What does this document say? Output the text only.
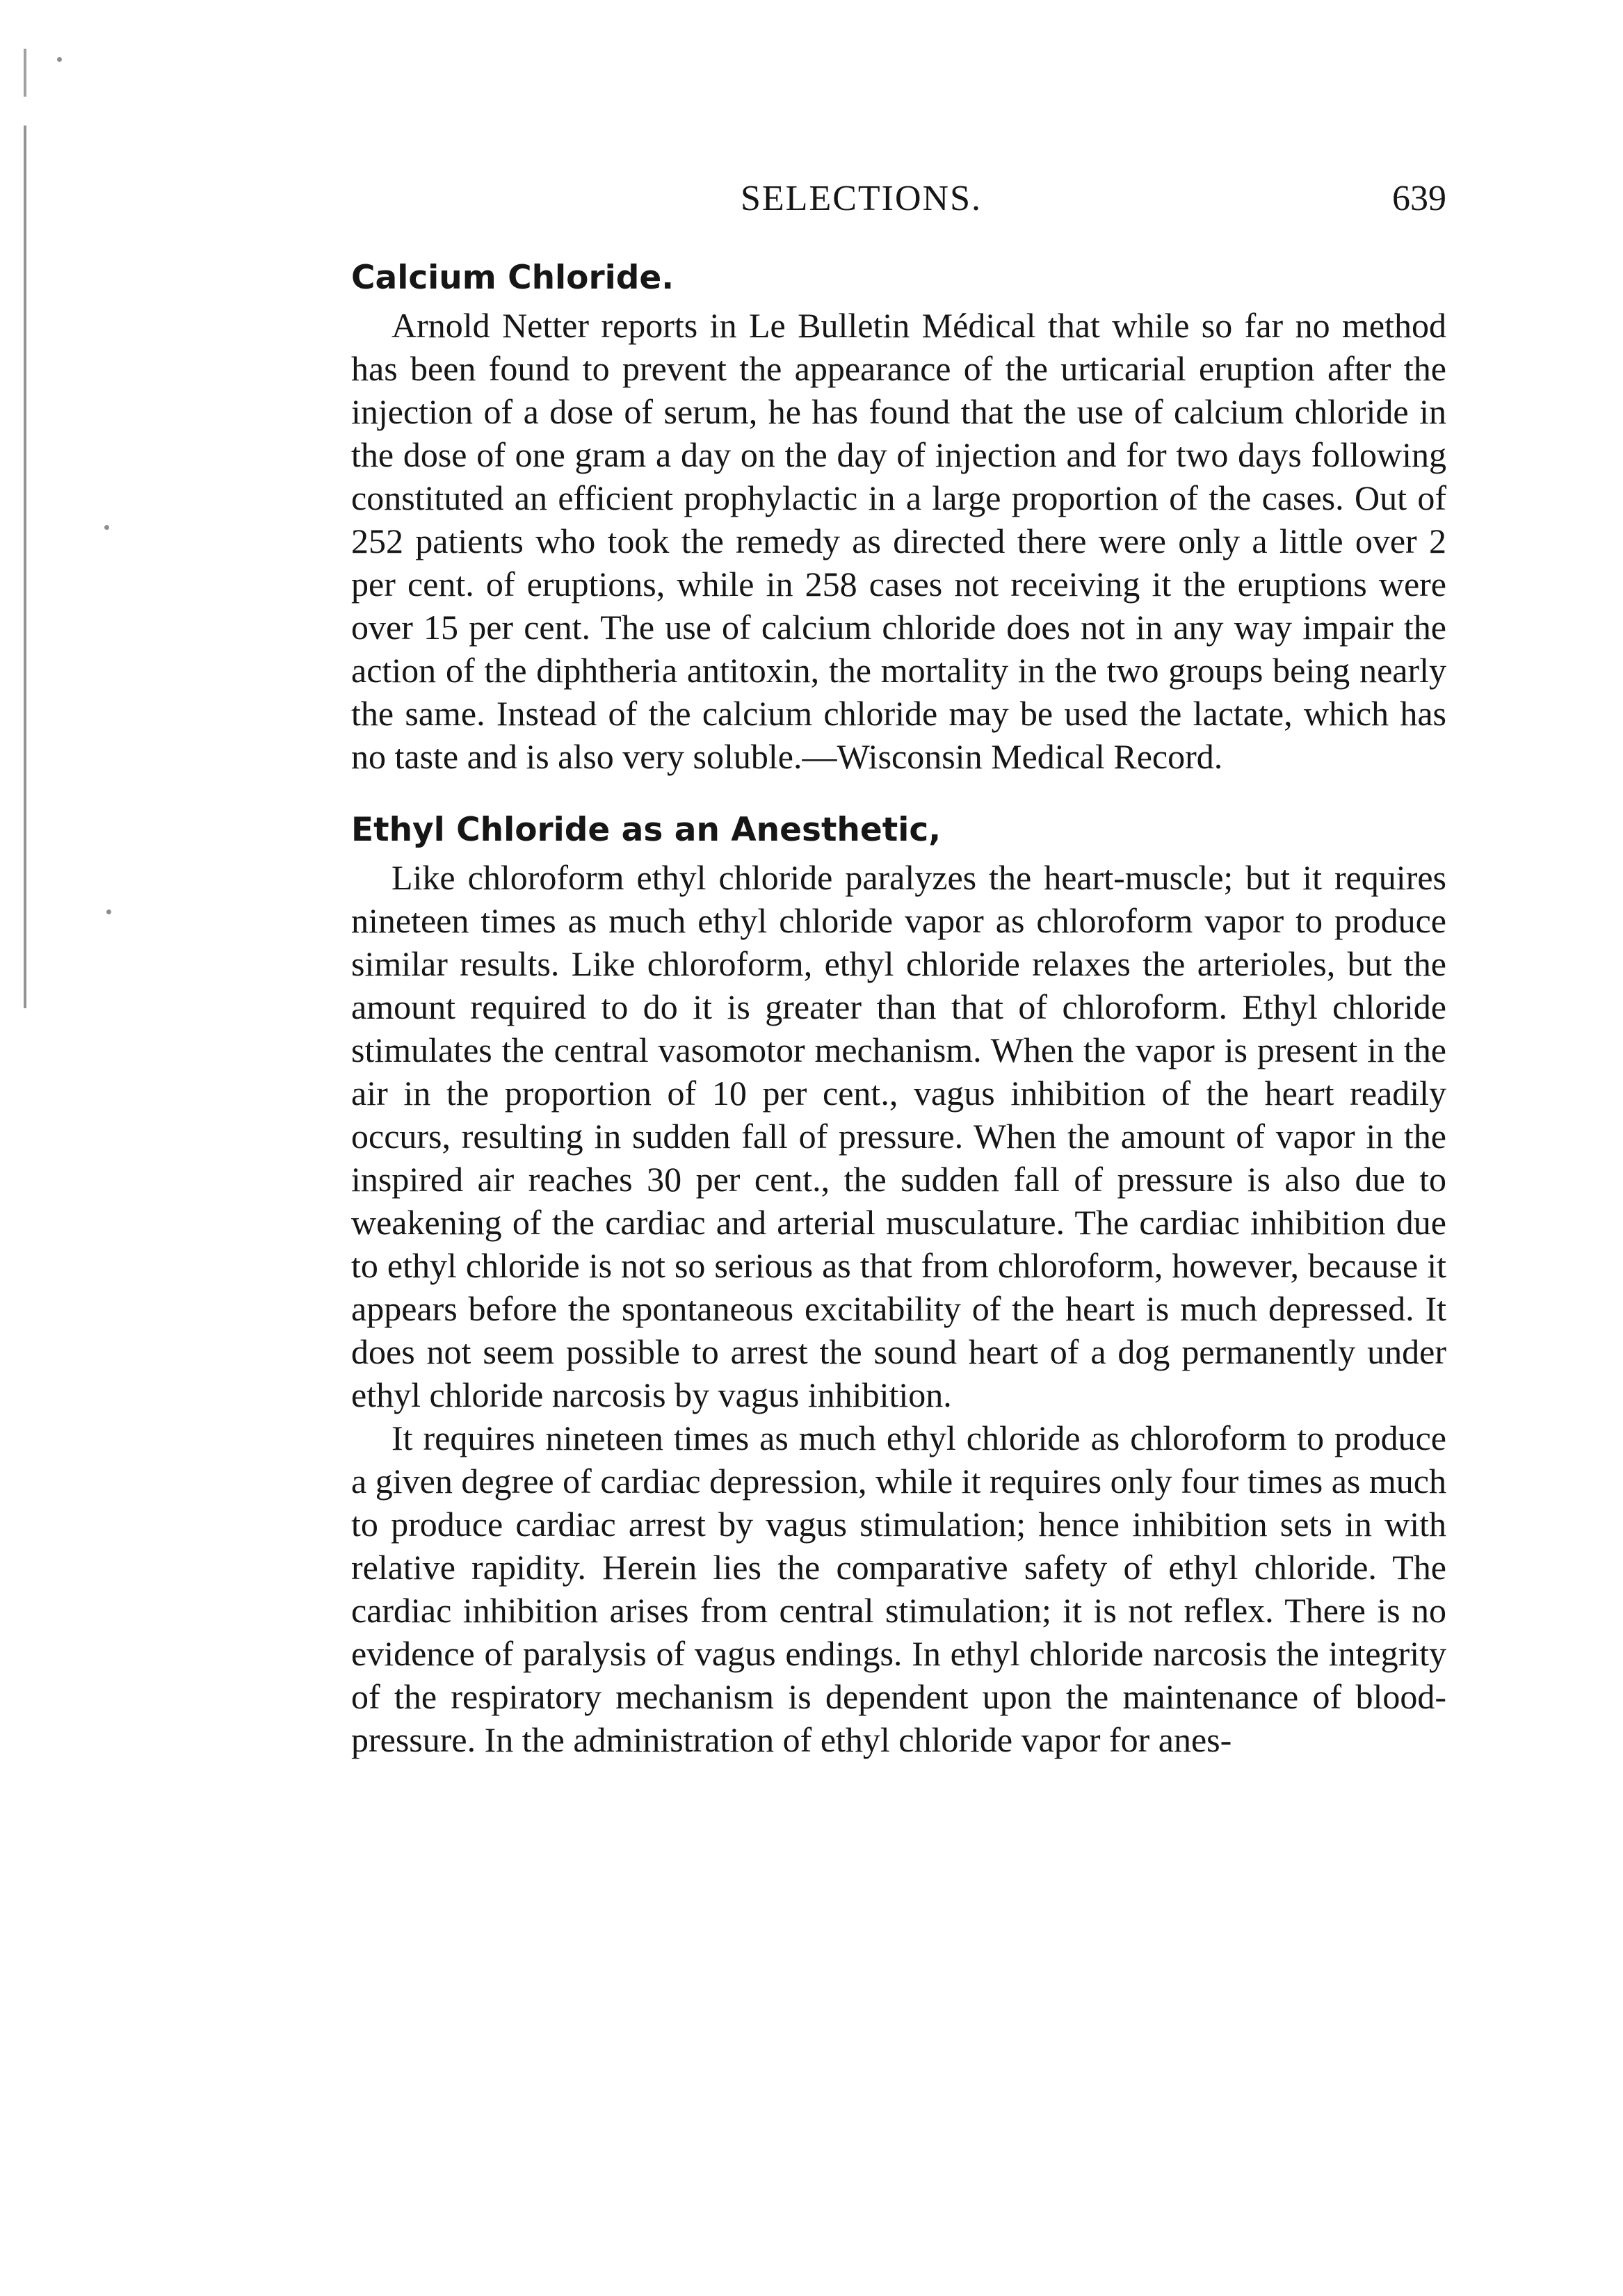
SELECTIONS.	639
Calcium Chloride.

Arnold Netter reports in Le Bulletin Médical that while so far no method has been found to prevent the appearance of the urticarial eruption after the injection of a dose of serum, he has found that the use of calcium chloride in the dose of one gram a day on the day of injection and for two days following constituted an efficient prophylactic in a large proportion of the cases. Out of 252 patients who took the remedy as directed there were only a little over 2 per cent. of eruptions, while in 258 cases not receiving it the eruptions were over 15 per cent. The use of calcium chloride does not in any way impair the action of the diphtheria antitoxin, the mortality in the two groups being nearly the same. Instead of the calcium chloride may be used the lactate, which has no taste and is also very soluble.—Wisconsin Medical Record.

Ethyl Chloride as an Anesthetic,

Like chloroform ethyl chloride paralyzes the heart-muscle; but it requires nineteen times as much ethyl chloride vapor as chloroform vapor to produce similar results. Like chloroform, ethyl chloride relaxes the arterioles, but the amount required to do it is greater than that of chloroform. Ethyl chloride stimulates the central vasomotor mechanism. When the vapor is present in the air in the proportion of 10 per cent., vagus inhibition of the heart readily occurs, resulting in sudden fall of pressure. When the amount of vapor in the inspired air reaches 30 per cent., the sudden fall of pressure is also due to weakening of the cardiac and arterial musculature. The cardiac inhibition due to ethyl chloride is not so serious as that from chloroform, however, because it appears before the spontaneous excitability of the heart is much depressed. It does not seem possible to arrest the sound heart of a dog permanently under ethyl chloride narcosis by vagus inhibition.

It requires nineteen times as much ethyl chloride as chloroform to produce a given degree of cardiac depression, while it requires only four times as much to produce cardiac arrest by vagus stimulation; hence inhibition sets in with relative rapidity. Herein lies the comparative safety of ethyl chloride. The cardiac inhibition arises from central stimulation; it is not reflex. There is no evidence of paralysis of vagus endings. In ethyl chloride narcosis the integrity of the respiratory mechanism is dependent upon the maintenance of blood-pressure. In the administration of ethyl chloride vapor for anes-
